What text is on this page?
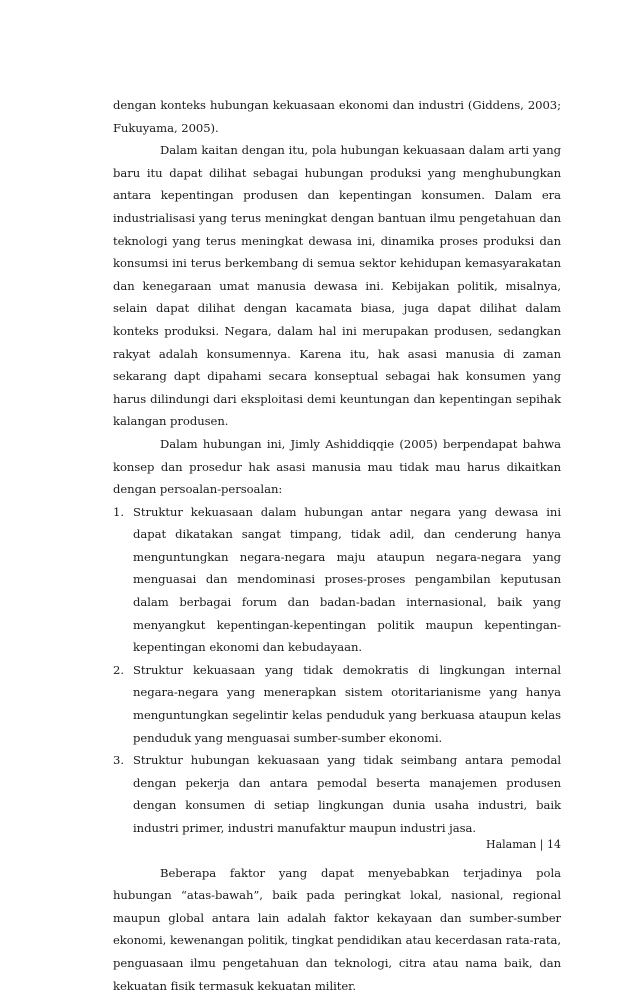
dengan konteks hubungan kekuasaan ekonomi dan industri (Giddens, 2003; Fukuyama, 2005).

Dalam kaitan dengan itu, pola hubungan kekuasaan dalam arti yang baru itu dapat dilihat sebagai hubungan produksi yang menghubungkan antara kepentingan produsen dan kepentingan konsumen. Dalam era industrialisasi yang terus meningkat dengan bantuan ilmu pengetahuan dan teknologi yang terus meningkat dewasa ini, dinamika proses produksi dan konsumsi ini terus berkembang di semua sektor kehidupan kemasyarakatan dan kenegaraan umat manusia dewasa ini. Kebijakan politik, misalnya, selain dapat dilihat dengan kacamata biasa, juga dapat dilihat dalam konteks produksi. Negara, dalam hal ini merupakan produsen, sedangkan rakyat adalah konsumennya. Karena itu, hak asasi manusia di zaman sekarang dapt dipahami secara konseptual sebagai hak konsumen yang harus dilindungi dari eksploitasi demi keuntungan dan kepentingan sepihak kalangan produsen.

Dalam hubungan ini, Jimly Ashiddiqqie (2005) berpendapat bahwa konsep dan prosedur hak asasi manusia mau tidak mau harus dikaitkan dengan persoalan-persoalan:

1. Struktur kekuasaan dalam hubungan antar negara yang dewasa ini dapat dikatakan sangat timpang, tidak adil, dan cenderung hanya menguntungkan negara-negara maju ataupun negara-negara yang menguasai dan mendominasi proses-proses pengambilan keputusan dalam berbagai forum dan badan-badan internasional, baik yang menyangkut kepentingan-kepentingan politik maupun kepentingan-kepentingan ekonomi dan kebudayaan.
2. Struktur kekuasaan yang tidak demokratis di lingkungan internal negara-negara yang menerapkan sistem otoritarianisme yang hanya menguntungkan segelintir kelas penduduk yang berkuasa ataupun kelas penduduk yang menguasai sumber-sumber ekonomi.
3. Struktur hubungan kekuasaan yang tidak seimbang antara pemodal dengan pekerja dan antara pemodal beserta manajemen produsen dengan konsumen di setiap lingkungan dunia usaha industri, baik industri primer, industri manufaktur maupun industri jasa.

Beberapa faktor yang dapat menyebabkan terjadinya pola hubungan “atas-bawah”, baik pada peringkat lokal, nasional, regional maupun global antara lain adalah faktor kekayaan dan sumber-sumber ekonomi, kewenangan politik, tingkat pendidikan atau kecerdasan rata-rata, penguasaan ilmu pengetahuan dan teknologi, citra atau nama baik, dan kekuatan fisik termasuk kekuatan militer.

Halaman | 14
